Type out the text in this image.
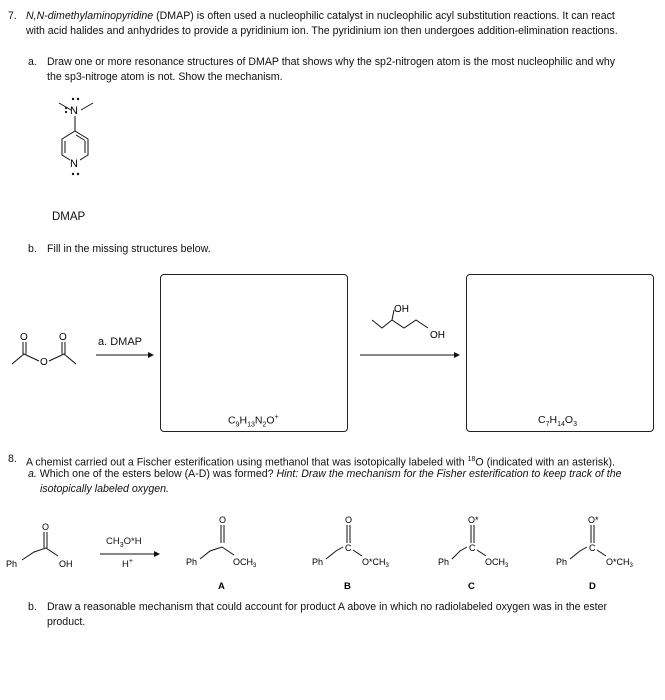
7. N,N-dimethylaminopyridine (DMAP) is often used a nucleophilic catalyst in nucleophilic acyl substitution reactions. It can react
with acid halides and anhydrides to provide a pyridinium ion. The pyridinium ion then undergoes addition-elimination reactions.
a. Draw one or more resonance structures of DMAP that shows why the sp2-nitrogen atom is the most nucleophilic and why
the sp3-nitroge atom is not. Show the mechanism.
N
N
DMAP
b. Fill in the missing structures below.
O	O
O
a. DMAP
$C_9H_{13}N_2O^+$
OH
OH
$C_7H_{14}O_3$
8. A chemist carried out a Fischer esterification using methanol that was isotopically labeled with $^{18}$O (indicated with an asterisk).
a. Which one of the esters below (A-D) was formed? Hint: Draw the mechanism for the Fisher esterification to keep track of the
isotopically labeled oxygen.
O
Ph	OH
$CH_3O*H$
H+
O
Ph	$OCH_3$
A
O
C
Ph	$O*CH_3$
B
O*
C
Ph	$OCH_3$
C
O*
C
Ph	$O*CH_3$
D
b. Draw a reasonable mechanism that could account for product A above in which no radiolabeled oxygen was in the ester
product.
